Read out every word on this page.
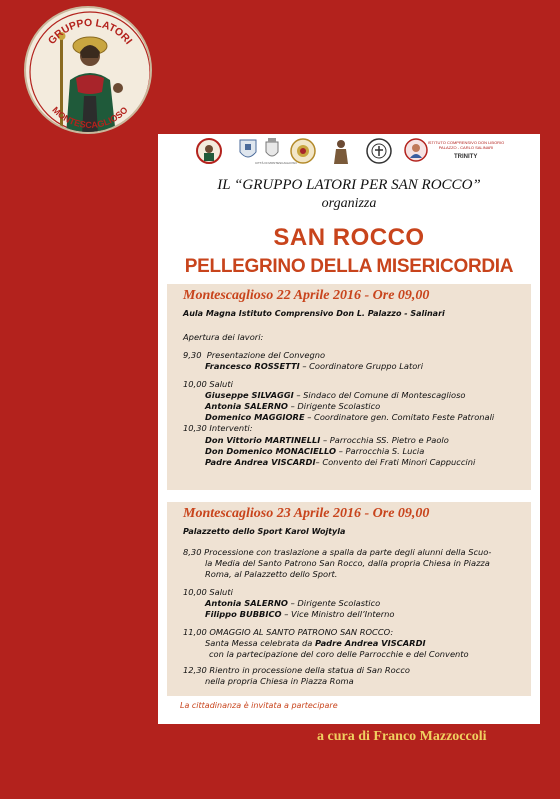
GRUPPO LATORI
MONTESCAGLIOSO
CITTÀ DI MONTESCAGLIOSO
ISTITUTO COMPRENSIVO DON LIBORIO PALAZZO - CARLO SALINARI
TRINITY
IL “GRUPPO LATORI PER SAN ROCCO”
organizza
SAN ROCCO
PELLEGRINO DELLA MISERICORDIA
Montescaglioso 22 Aprile 2016 - Ore 09,00
Aula Magna Istituto Comprensivo Don L. Palazzo - Salinari
Apertura dei lavori:
9,30 Presentazione del Convegno
Francesco ROSSETTI – Coordinatore Gruppo Latori
10,00 Saluti
Giuseppe SILVAGGI – Sindaco del Comune di Montescaglioso
Antonia SALERNO – Dirigente Scolastico
Domenico MAGGIORE – Coordinatore gen. Comitato Feste Patronali
10,30 Interventi:
Don Vittorio MARTINELLI – Parrocchia SS. Pietro e Paolo
Don Domenico MONACIELLO – Parrocchia S. Lucia
Padre Andrea VISCARDI– Convento dei Frati Minori Cappuccini
Montescaglioso 23 Aprile 2016 - Ore 09,00
Palazzetto dello Sport Karol Wojtyla
8,30 Processione con traslazione a spalla da parte degli alunni della Scuo-
la Media del Santo Patrono San Rocco, dalla propria Chiesa in Piazza
Roma, al Palazzetto dello Sport.
10,00 Saluti
Antonia SALERNO – Dirigente Scolastico
Filippo BUBBICO – Vice Ministro dell’Interno
11,00 OMAGGIO AL SANTO PATRONO SAN ROCCO:
Santa Messa celebrata da Padre Andrea VISCARDI
con la partecipazione del coro delle Parrocchie e del Convento
12,30 Rientro in processione della statua di San Rocco
nella propria Chiesa in Piazza Roma
La cittadinanza è invitata a partecipare
a cura di Franco Mazzoccoli
